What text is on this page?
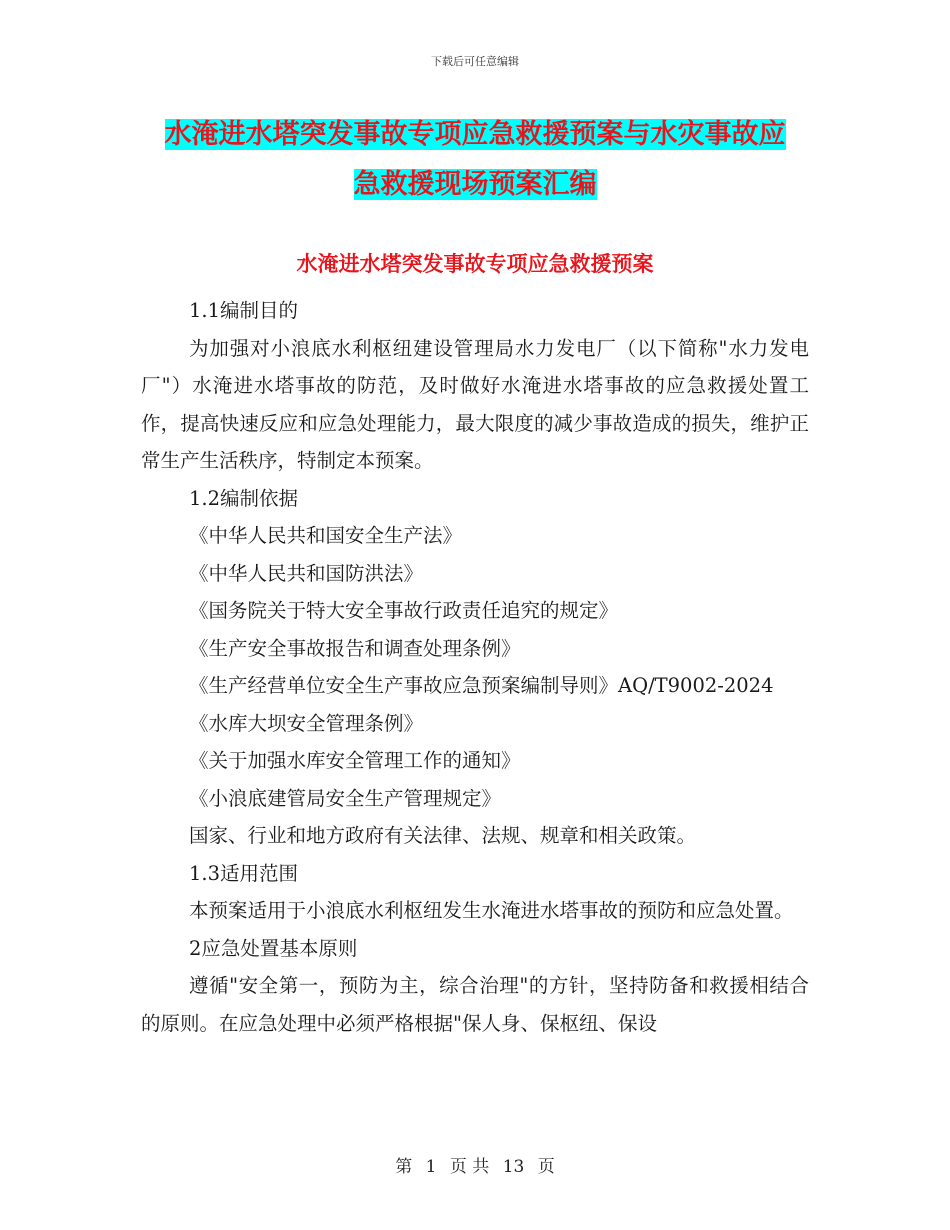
下载后可任意编辑
水淹进水塔突发事故专项应急救援预案与水灾事故应
急救援现场预案汇编
水淹进水塔突发事故专项应急救援预案

1.1编制目的

为加强对小浪底水利枢纽建设管理局水力发电厂（以下简称"水力发电厂"）水淹进水塔事故的防范，及时做好水淹进水塔事故的应急救援处置工作，提高快速反应和应急处理能力，最大限度的减少事故造成的损失，维护正常生产生活秩序，特制定本预案。

1.2编制依据

《中华人民共和国安全生产法》

《中华人民共和国防洪法》

《国务院关于特大安全事故行政责任追究的规定》

《生产安全事故报告和调查处理条例》

《生产经营单位安全生产事故应急预案编制导则》AQ/T9002-2024

《水库大坝安全管理条例》

《关于加强水库安全管理工作的通知》

《小浪底建管局安全生产管理规定》

国家、行业和地方政府有关法律、法规、规章和相关政策。

1.3适用范围

本预案适用于小浪底水利枢纽发生水淹进水塔事故的预防和应急处置。

2应急处置基本原则

遵循"安全第一，预防为主，综合治理"的方针，坚持防备和救援相结合的原则。在应急处理中必须严格根据"保人身、保枢纽、保设

第 1 页 共 13 页
